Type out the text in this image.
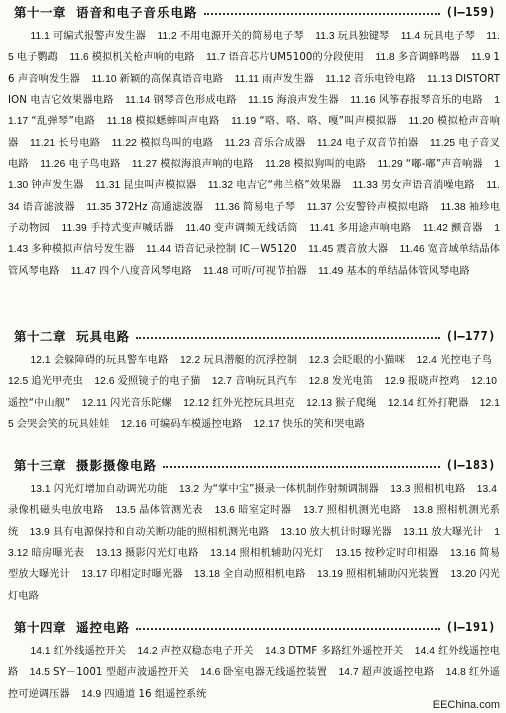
第十一章 语音和电子音乐电路	(Ⅰ—159)
11.1 可编式报警声发生器 11.2 不用电源开关的简易电子琴 11.3 玩具独键琴 11.4 玩具电子琴 11.5 电子鹦鹉 11.6 模拟机关枪声响的电路 11.7 语音芯片UM5100的分段使用 11.8 多音调蜂鸣器 11.9 16 声音响发生器 11.10 新颖的高保真语音电路 11.11 雨声发生器 11.12 音乐电铃电路 11.13 DISTORTION 电吉它效果器电路 11.14 钢琴音色形成电路 11.15 海浪声发生器 11.16 风筝春报琴音乐的电路 11.17 “乱弹琴”电路 11.18 模拟蟋蟀叫声电路 11.19 “咯、咯、咯、嘎”叫声模拟器 11.20 模拟枪声音响器 11.21 长号电路 11.22 模拟鸟叫的电路 11.23 音乐合成器 11.24 电子双音节拍器 11.25 电子音叉电路 11.26 电子鸟电路 11.27 模拟海浪声响的电路 11.28 模拟狗叫的电路 11.29 “嘟-嘟”声音响器 11.30 钟声发生器 11.31 昆虫叫声模拟器 11.32 电吉它“弗兰格”效果器 11.33 男女声语音消噪电路 11.34 语音滤波器 11.35 372Hz 高通滤波器 11.36 简易电子琴 11.37 公安警铃声模拟电路 11.38 袖珍电子动物园 11.39 手持式变声喊话器 11.40 变声调频无线话筒 11.41 多用途声响电路 11.42 颤音器 11.43 多种模拟声信号发生器 11.44 语音记录控制 IC－W5120 11.45 震音放大器 11.46 宽音域单结晶体管风琴电路 11.47 四个八度音风琴电路 11.48 可听/可视节拍器 11.49 基本的单结晶体管风琴电路
第十二章 玩具电路	(Ⅰ—177)
12.1 会躲障碍的玩具警车电路 12.2 玩具潜艇的沉浮控制 12.3 会眨眼的小猫咪 12.4 光控电子鸟 12.5 追光甲壳虫 12.6 爱照镜子的电子猫 12.7 音响玩具汽车 12.8 发光电笛 12.9 报晓声控鸡 12.10遥控“中山舰” 12.11 闪光音乐陀螺 12.12 红外光控玩具坦克 12.13 猴子爬绳 12.14 红外打靶器 12.15 会哭会笑的玩具娃娃 12.16 可编码车模遥控电路 12.17 快乐的笑和哭电路
第十三章 摄影摄像电路	(Ⅰ—183)
13.1 闪光灯增加自动调光功能 13.2 为“掌中宝”摄录一体机制作射频调制器 13.3 照相机电路 13.4录像机磁头电放电路 13.5 晶体管测光表 13.6 暗室定时器 13.7 照相机测光电路 13.8 照相机测光系统 13.9 具有电源保持和自动关断功能的照相机测光电路 13.10 放大机计时曝光器 13.11 放大曝光计 13.12 暗房曝光表 13.13 摄影闪光灯电路 13.14 照相机辅助闪光灯 13.15 按秒定时印相器 13.16 简易型放大曝光计 13.17 印相定时曝光器 13.18 全自动照相机电路 13.19 照相机辅助闪光装置 13.20 闪光灯电路
第十四章 遥控电路	(Ⅰ—191)
14.1 红外线遥控开关 14.2 声控双稳态电子开关 14.3 DTMF 多路红外遥控开关 14.4 红外线遥控电路 14.5 SY－1001 型超声波遥控开关 14.6 卧室电器无线遥控装置 14.7 超声波遥控电路 14.8 红外遥控可逆调压器 14.9 四通道 16 组遥控系统
EEChina.com
